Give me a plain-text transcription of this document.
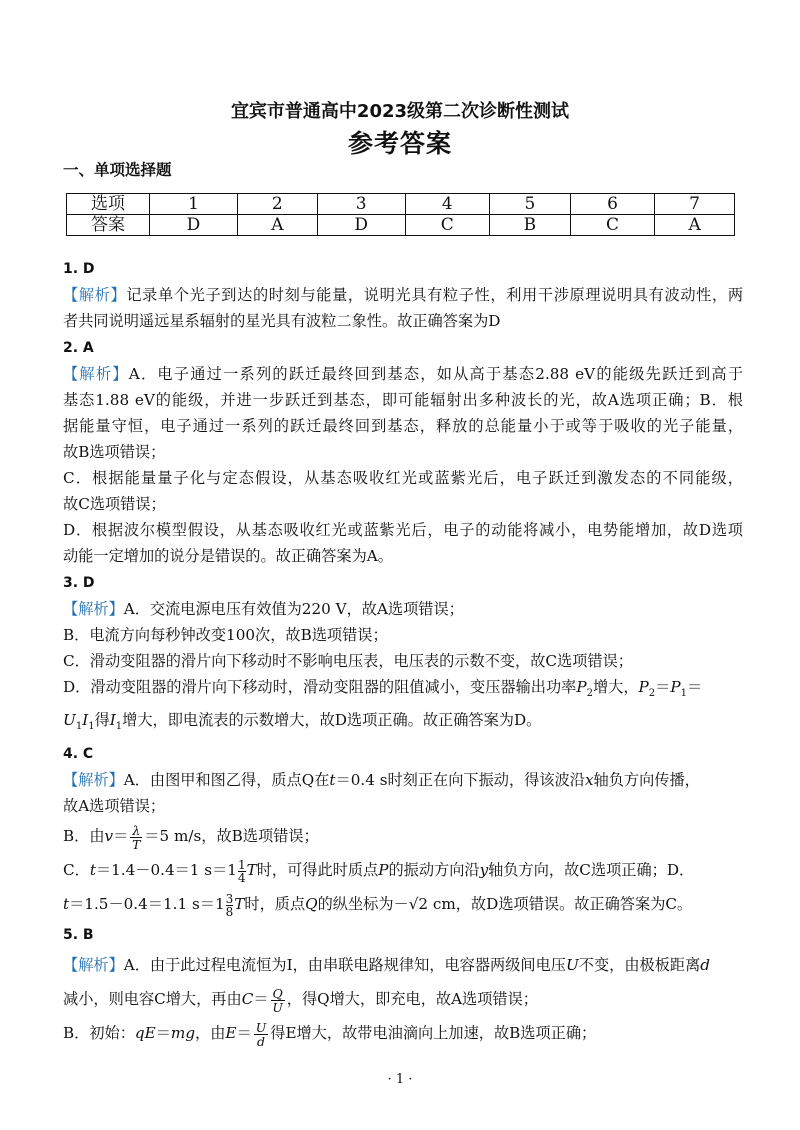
宜宾市普通高中2023级第二次诊断性测试
参考答案
一、单项选择题
选项	1	2	3	4	5	6	7
答案	D	A	D	C	B	C	A
1. D
【解析】记录单个光子到达的时刻与能量，说明光具有粒子性，利用干涉原理说明具有波动性，两
者共同说明遥远星系辐射的星光具有波粒二象性。故正确答案为D
2. A
【解析】A．电子通过一系列的跃迁最终回到基态，如从高于基态2.88 eV的能级先跃迁到高于
基态1.88 eV的能级，并进一步跃迁到基态，即可能辐射出多种波长的光，故A选项正确；B．根
据能量守恒，电子通过一系列的跃迁最终回到基态，释放的总能量小于或等于吸收的光子能量，
故B选项错误；
C．根据能量量子化与定态假设，从基态吸收红光或蓝紫光后，电子跃迁到激发态的不同能级，
故C选项错误；
D．根据波尔模型假设，从基态吸收红光或蓝紫光后，电子的动能将减小，电势能增加，故D选项
动能一定增加的说分是错误的。故正确答案为A。
3. D
【解析】A．交流电源电压有效值为220 V，故A选项错误；
B．电流方向每秒钟改变100次，故B选项错误；
C．滑动变阻器的滑片向下移动时不影响电压表，电压表的示数不变，故C选项错误；
D．滑动变阻器的滑片向下移动时，滑动变阻器的阻值减小，变压器输出功率$P_2$增大，$P_2=P_1=$
$U_1I_1$得$I_1$增大，即电流表的示数增大，故D选项正确。故正确答案为D。
4. C
【解析】A．由图甲和图乙得，质点Q在t＝0.4 s时刻正在向下振动，得该波沿x轴负方向传播，
故A选项错误；
B．由$v= \frac{\lambda}{T} =5$ m/s，故B选项错误；
C．t＝1.4－0.4＝1 $s=1 \frac{1}{4}$ T时，可得此时质点P的振动方向沿y轴负方向，故C选项正确；D．
t＝1.5－0.4＝1.1 $s=1 \frac{3}{8}$ T时，质点Q的纵坐标为－√2 cm，故D选项错误。故正确答案为C。
5. B
【解析】A．由于此过程电流恒为I，由串联电路规律知，电容器两级间电压U不变，由极板距离d
减小，则电容C增大，再由$C= \frac{Q}{U}$ ，得Q增大，即充电，故A选项错误；
B．初始：qE＝mg，由$E= \frac{U}{d}$ 得E增大，故带电油滴向上加速，故B选项正确；
· 1 ·
